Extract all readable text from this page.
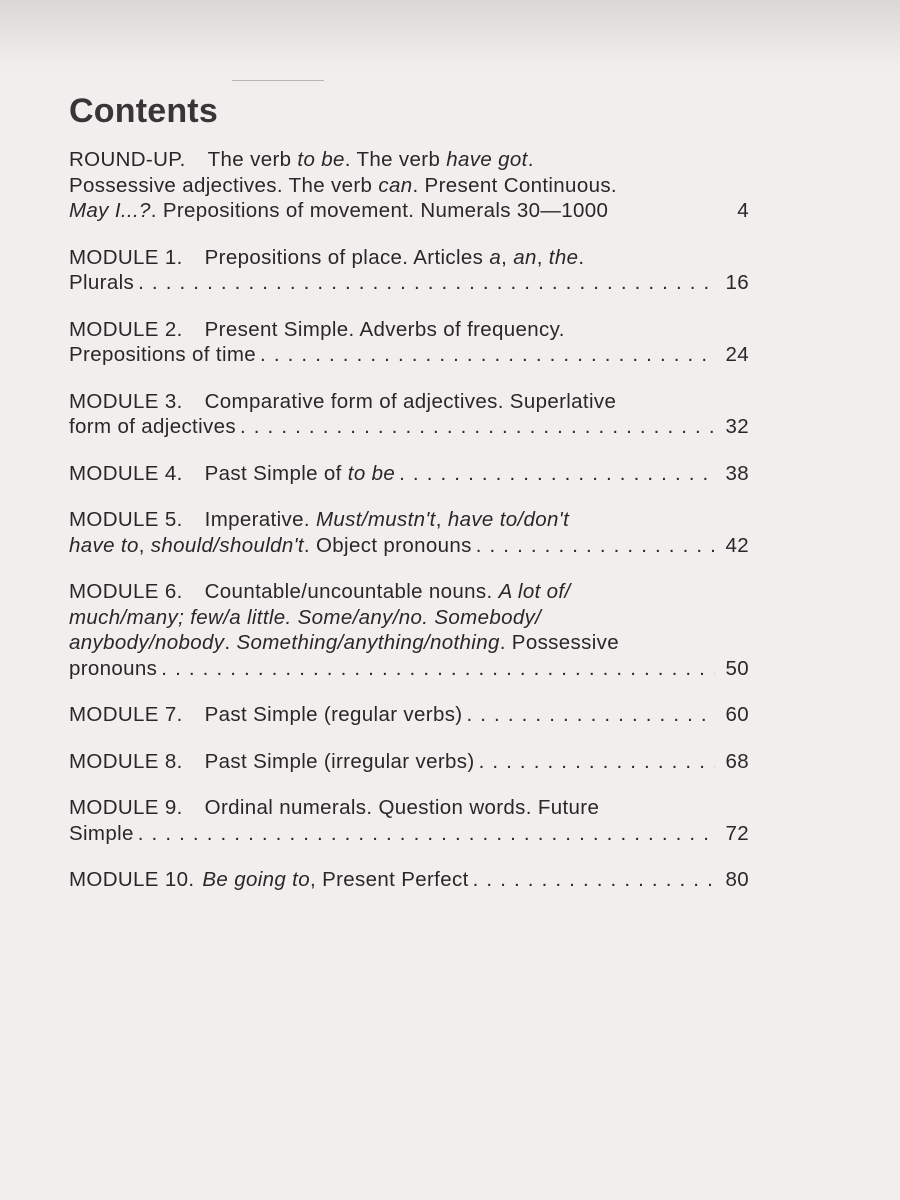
Contents
ROUND-UP. The verb to be. The verb have got.
Possessive adjectives. The verb can. Present Continuous.
May I...?. Prepositions of movement. Numerals 30—1000	4
MODULE 1. Prepositions of place. Articles a, an, the.
Plurals . . .	16
MODULE 2. Present Simple. Adverbs of frequency.
Prepositions of time . . .	24
MODULE 3. Comparative form of adjectives. Superlative
form of adjectives . . .	32
MODULE 4. Past Simple of to be . . .	38
MODULE 5. Imperative. Must/mustn't, have to/don't
have to, should/shouldn't. Object pronouns . . .	42
MODULE 6. Countable/uncountable nouns. A lot of/
much/many; few/a little. Some/any/no. Somebody/
anybody/nobody. Something/anything/nothing. Possessive
pronouns . . .	50
MODULE 7. Past Simple (regular verbs) . . .	60
MODULE 8. Past Simple (irregular verbs) . . .	68
MODULE 9. Ordinal numerals. Question words. Future
Simple . . .	72
MODULE 10. Be going to, Present Perfect . . .	80
